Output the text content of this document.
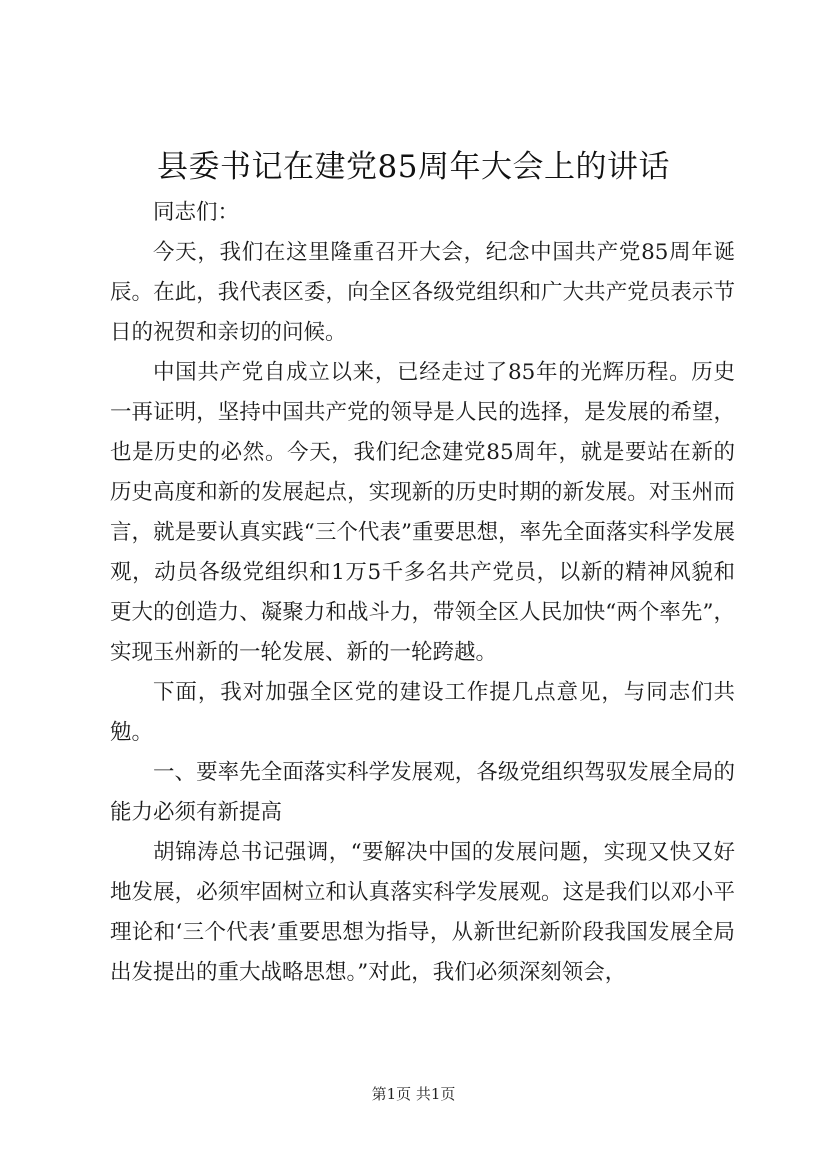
县委书记在建党85周年大会上的讲话

同志们：

今天，我们在这里隆重召开大会，纪念中国共产党85周年诞辰。在此，我代表区委，向全区各级党组织和广大共产党员表示节日的祝贺和亲切的问候。

中国共产党自成立以来，已经走过了85年的光辉历程。历史一再证明，坚持中国共产党的领导是人民的选择，是发展的希望，也是历史的必然。今天，我们纪念建党85周年，就是要站在新的历史高度和新的发展起点，实现新的历史时期的新发展。对玉州而言，就是要认真实践“三个代表”重要思想，率先全面落实科学发展观，动员各级党组织和1万5千多名共产党员，以新的精神风貌和更大的创造力、凝聚力和战斗力，带领全区人民加快“两个率先”，实现玉州新的一轮发展、新的一轮跨越。

下面，我对加强全区党的建设工作提几点意见，与同志们共勉。

一、要率先全面落实科学发展观，各级党组织驾驭发展全局的能力必须有新提高

胡锦涛总书记强调，“要解决中国的发展问题，实现又快又好地发展，必须牢固树立和认真落实科学发展观。这是我们以邓小平理论和‘三个代表’重要思想为指导，从新世纪新阶段我国发展全局出发提出的重大战略思想。”对此，我们必须深刻领会，

第1页 共1页
